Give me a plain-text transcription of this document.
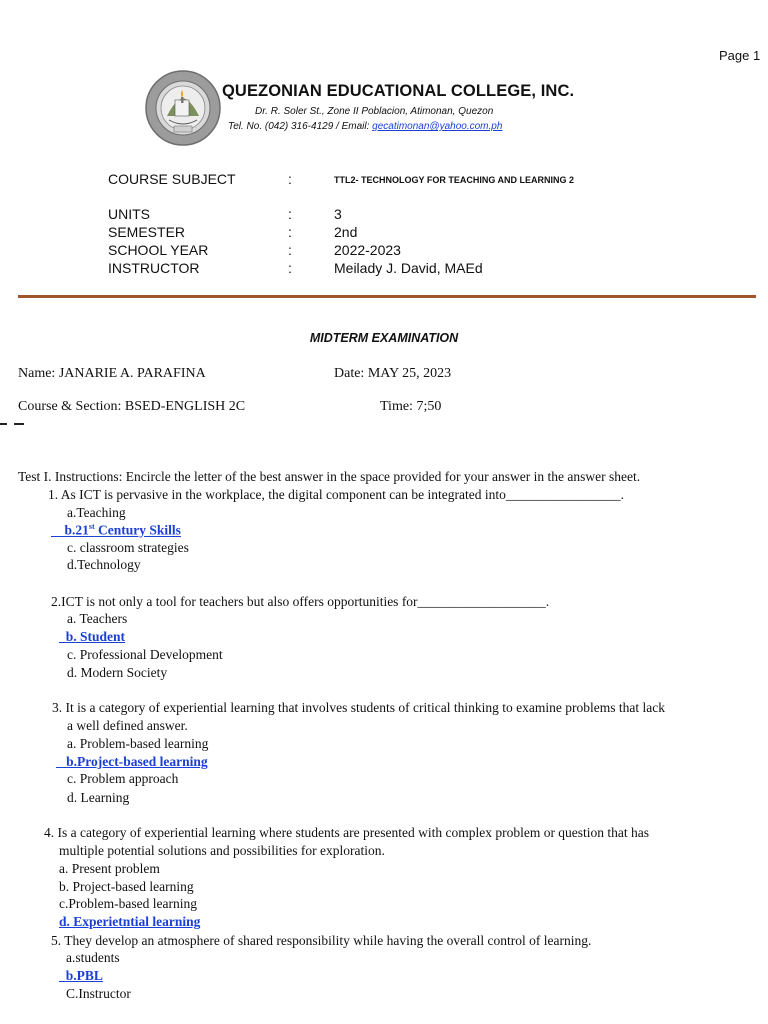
Page 1
QUEZONIAN EDUCATIONAL COLLEGE, INC.
Dr. R. Soler St., Zone II Poblacion, Atimonan, Quezon
Tel. No. (042) 316-4129 / Email: qecatimonan@yahoo.com.ph
COURSE SUBJECT	:	TTL2- TECHNOLOGY FOR TEACHING AND LEARNING 2
UNITS	:	3
SEMESTER	:	2nd
SCHOOL YEAR	:	2022-2023
INSTRUCTOR	:	Meilady J. David, MAEd
MIDTERM EXAMINATION
Name: JANARIE A. PARAFINA	Date: MAY 25, 2023
Course & Section: BSED-ENGLISH 2C	Time: 7;50
Test I. Instructions: Encircle the letter of the best answer in the space provided for your answer in the answer sheet.
1. As ICT is pervasive in the workplace, the digital component can be integrated into_________________.
a.Teaching
b.21st Century Skills
c. classroom strategies
d.Technology
2.ICT is not only a tool for teachers but also offers opportunities for___________________.
a. Teachers
b. Student
c. Professional Development
d. Modern Society
3. It is a category of experiential learning that involves students of critical thinking to examine problems that lack
a well defined answer.
a. Problem-based learning
b.Project-based learning
c. Problem approach
d. Learning
4. Is a category of experiential learning where students are presented with complex problem or question that has
multiple potential solutions and possibilities for exploration.
a. Present problem
b. Project-based learning
c.Problem-based learning
d. Experietntial learning
5. They develop an atmosphere of shared responsibility while having the overall control of learning.
a.students
b.PBL
C.Instructor
